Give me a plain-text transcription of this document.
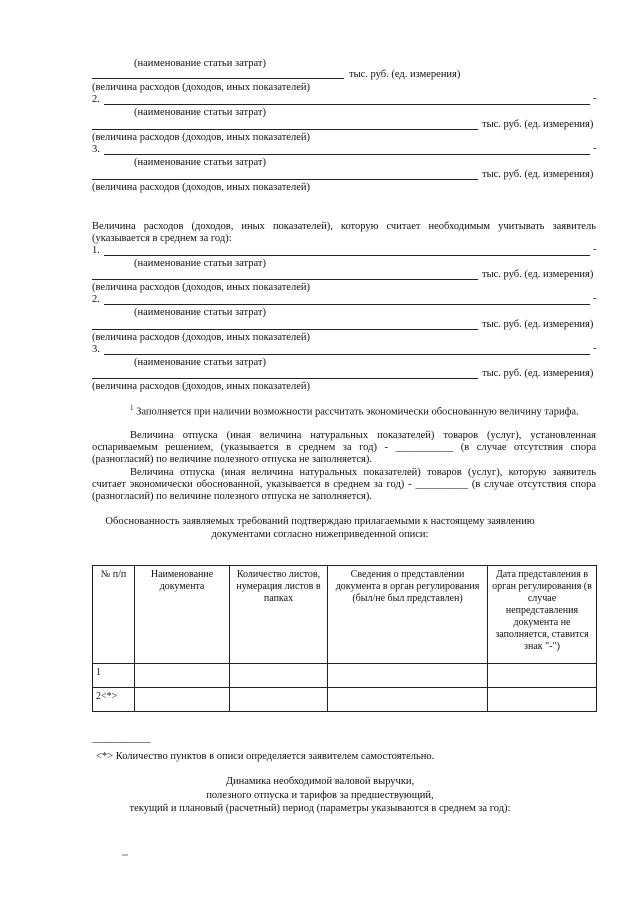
(наименование статьи затрат)
тыс. руб. (ед. измерения)
(величина расходов (доходов, иных показателей)
2.	-
(наименование статьи затрат)
тыс. руб. (ед. измерения)
(величина расходов (доходов, иных показателей)
3.	-
(наименование статьи затрат)
тыс. руб. (ед. измерения)
(величина расходов (доходов, иных показателей)
Величина расходов (доходов, иных показателей), которую считает необходимым учитывать заявитель (указывается в среднем за год):
1.	-
(наименование статьи затрат)
тыс. руб. (ед. измерения)
(величина расходов (доходов, иных показателей)
2.	-
(наименование статьи затрат)
тыс. руб. (ед. измерения)
(величина расходов (доходов, иных показателей)
3.	-
(наименование статьи затрат)
тыс. руб. (ед. измерения)
(величина расходов (доходов, иных показателей)
$^1$ Заполняется при наличии возможности рассчитать экономически обоснованную величину тарифа.
Величина отпуска (иная величина натуральных показателей) товаров (услуг), установленная оспариваемым решением, (указывается в среднем за год) - ___________ (в случае отсутствия спора (разногласий) по величине полезного отпуска не заполняется).
Величина отпуска (иная величина натуральных показателей) товаров (услуг), которую заявитель считает экономически обоснованной, указывается в среднем за год) - __________ (в случае отсутствия спора (разногласий) по величине полезного отпуска не заполняется).
Обоснованность заявляемых требований подтверждаю прилагаемыми к настоящему заявлению
документами согласно нижеприведенной описи:
№ п/п	Наименование документа	Количество листов, нумерация листов в папках	Сведения о представлении документа в орган регулирования (был/не был представлен)	Дата представления в орган регулирования (в случае непредставления документа не заполняется, ставится знак "-")
1				
2<*>				
--------------------------------
<*> Количество пунктов в описи определяется заявителем самостоятельно.
Динамика необходимой валовой выручки,
полезного отпуска и тарифов за предшествующий,
текущий и плановый (расчетный) период (параметры указываются в среднем за год):
